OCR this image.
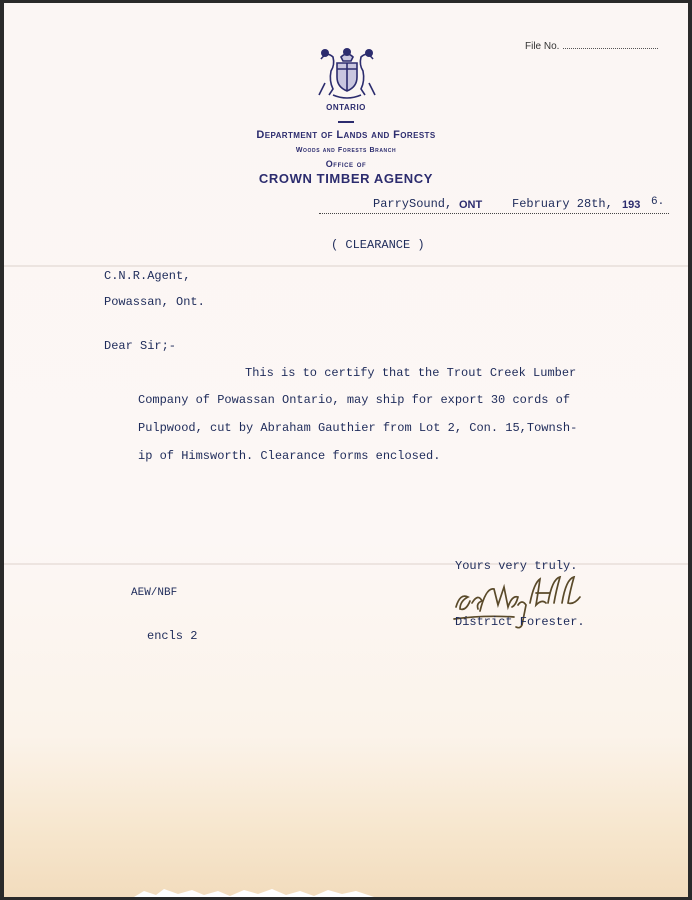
File No.
ONTARIO
Department of Lands and Forests
Woods and Forests Branch
Office of
CROWN TIMBER AGENCY
ParrySound, ONT February 28th, 193 6.
( CLEARANCE )
C.N.R.Agent,
Powassan, Ont.
Dear Sir;-
This is to certify that the Trout Creek Lumber
Company of Powassan Ontario, may ship for export 30 cords of
Pulpwood, cut by Abraham Gauthier from Lot 2, Con. 15,Townsh-
ip of Himsworth. Clearance forms enclosed.
Yours very truly.
District Forester.
AEW/NBF
encls 2
